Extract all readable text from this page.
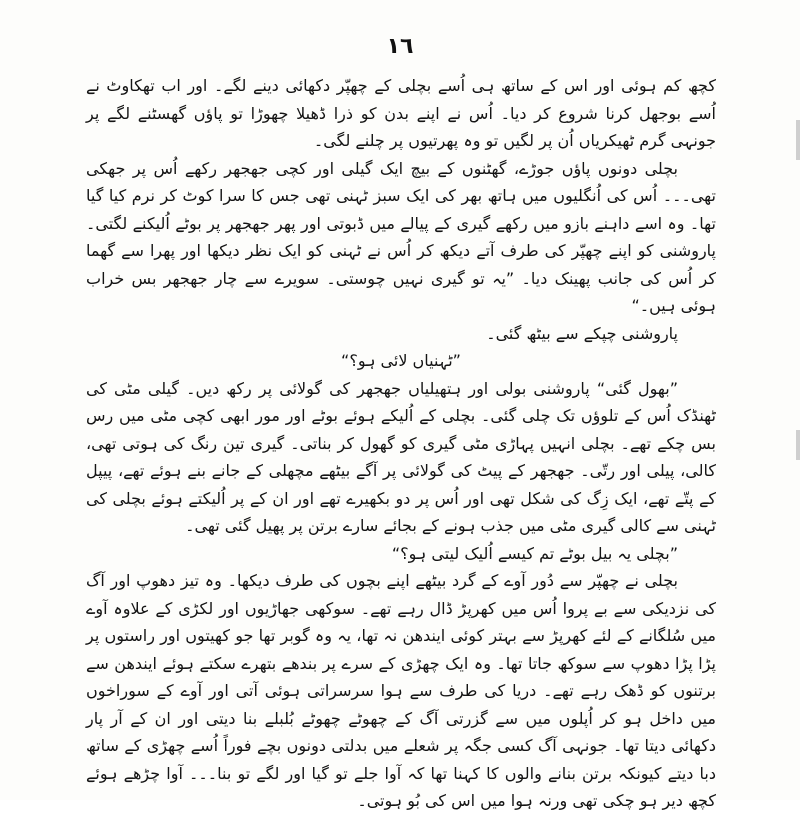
١٦

کچھ کم ہوئی اور اس کے ساتھ ہی اُسے بچلی کے چھپّر دکھائی دینے لگے۔ اور اب تھکاوٹ نے اُسے بوجھل کرنا شروع کر دیا۔ اُس نے اپنے بدن کو ذرا ڈھیلا چھوڑا تو پاؤں گھسٹنے لگے پر جونہی گرم ٹھیکریاں اُن پر لگیں تو وہ پھرتیوں پر چلنے لگی۔

بچلی دونوں پاؤں جوڑے، گھٹنوں کے بیچ ایک گیلی اور کچی جھجھر رکھے اُس پر جھکی تھی۔۔۔ اُس کی اُنگلیوں میں ہاتھ بھر کی ایک سبز ٹہنی تھی جس کا سرا کوٹ کر نرم کیا گیا تھا۔ وہ اسے داہنے بازو میں رکھے گیری کے پیالے میں ڈبوتی اور پھر جھجھر پر بوٹے اُلیکنے لگتی۔ پاروشنی کو اپنے چھپّر کی طرف آتے دیکھ کر اُس نے ٹہنی کو ایک نظر دیکھا اور پھرا سے گھما کر اُس کی جانب پھینک دیا۔ ”یہ تو گیری نہیں چوستی۔ سویرے سے چار جھجھر بس خراب ہوئی ہیں۔“

پاروشنی چپکے سے بیٹھ گئی۔

”ٹہنیاں لائی ہو؟“

”بھول گئی“ پاروشنی بولی اور ہتھیلیاں جھجھر کی گولائی پر رکھ دیں۔ گیلی مٹی کی ٹھنڈک اُس کے تلوؤں تک چلی گئی۔ بچلی کے اُلیکے ہوئے بوٹے اور مور ابھی کچی مٹی میں رس بس چکے تھے۔ بچلی انہیں پہاڑی مٹی گیری کو گھول کر بناتی۔ گیری تین رنگ کی ہوتی تھی، کالی، پیلی اور رتّی۔ جھجھر کے پیٹ کی گولائی پر آگے بیٹھے مچھلی کے جانے بنے ہوئے تھے، پیپل کے پتّے تھے، ایک زِگ کی شکل تھی اور اُس پر دو بکھیرے تھے اور ان کے پر اُلیکتے ہوئے بچلی کی ٹہنی سے کالی گیری مٹی میں جذب ہونے کے بجائے سارے برتن پر پھیل گئی تھی۔

”بچلی یہ بیل بوٹے تم کیسے اُلیک لیتی ہو؟“

بچلی نے چھپّر سے دُور آوے کے گرد بیٹھے اپنے بچوں کی طرف دیکھا۔ وہ تیز دھوپ اور آگ کی نزدیکی سے بے پروا اُس میں کھرپڑ ڈال رہے تھے۔ سوکھی جھاڑیوں اور لکڑی کے علاوہ آوے میں سُلگانے کے لئے کھرپڑ سے بہتر کوئی ایندھن نہ تھا، یہ وہ گوبر تھا جو کھیتوں اور راستوں پر پڑا پڑا دھوپ سے سوکھ جاتا تھا۔ وہ ایک چھڑی کے سرے پر بندھے بتھرے سکتے ہوئے ایندھن سے برتنوں کو ڈھک رہے تھے۔ دریا کی طرف سے ہوا سرسراتی ہوئی آتی اور آوے کے سوراخوں میں داخل ہو کر اُپلوں میں سے گزرتی آگ کے چھوٹے چھوٹے بُلبلے بنا دیتی اور ان کے آر پار دکھائی دیتا تھا۔ جونہی آگ کسی جگہ پر شعلے میں بدلتی دونوں بچے فوراً اُسے چھڑی کے ساتھ دبا دیتے کیونکہ برتن بنانے والوں کا کہنا تھا کہ آوا جلے تو گیا اور لگے تو بنا۔۔۔ آوا چڑھے ہوئے کچھ دیر ہو چکی تھی ورنہ ہوا میں اس کی بُو ہوتی۔
